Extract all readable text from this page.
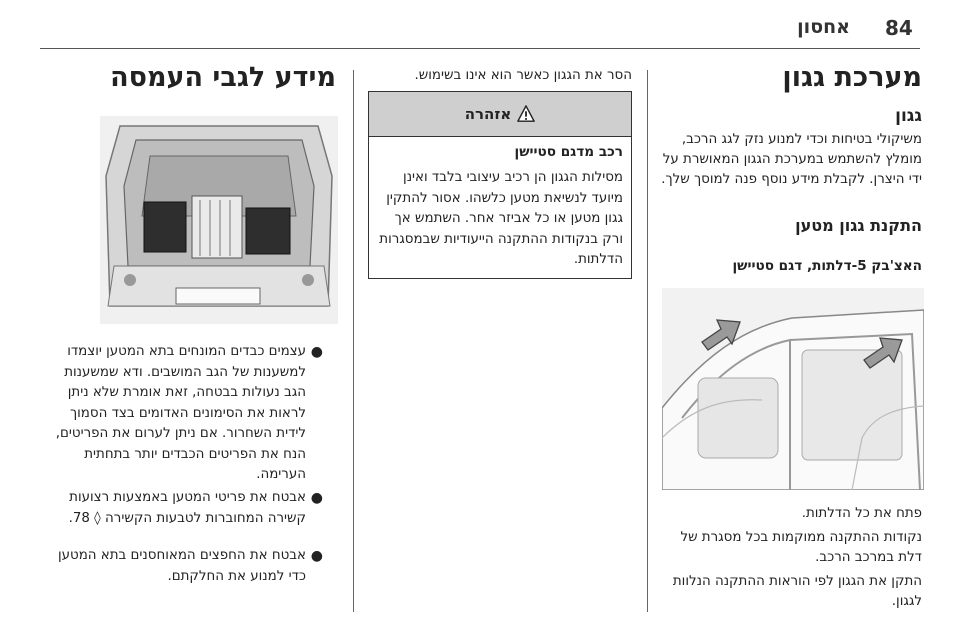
84
אחסון
מערכת גגון
גגון
משיקולי בטיחות וכדי למנוע נזק לגג הרכב, מומלץ להשתמש במערכת הגגון המאושרת על ידי היצרן. לקבלת מידע נוסף פנה למוסך שלך.
התקנת גגון מטען
האצ'בק 5-דלתות, דגם סטיישן
פתח את כל הדלתות.
נקודות ההתקנה ממוקמות בכל מסגרת של דלת במרכב הרכב.
התקן את הגגון לפי הוראות ההתקנה הנלוות לגגון.
הסר את הגגון כאשר הוא אינו בשימוש.
אזהרה
רכב מדגם סטיישן
מסילות הגגון הן רכיב עיצובי בלבד ואינן מיועד לנשיאת מטען כלשהו. אסור להתקין גגון מטען או כל אביזר אחר. השתמש אך ורק בנקודות ההתקנה הייעודיות שבמסגרות הדלתות.
מידע לגבי העמסה
●
עצמים כבדים המונחים בתא המטען יוצמדו למשענות של הגב המושבים. ודא שמשענות הגב נעולות בבטחה, זאת אומרת שלא ניתן לראות את הסימונים האדומים בצד הסמוך לידית השחרור. אם ניתן לערום את הפריטים, הנח את הפריטים הכבדים יותר בתחתית הערימה.
●
אבטח את פריטי המטען באמצעות רצועות קשירה המחוברות לטבעות הקשירה ◊ 78.
●
אבטח את החפצים המאוחסנים בתא המטען כדי למנוע את החלקתם.
